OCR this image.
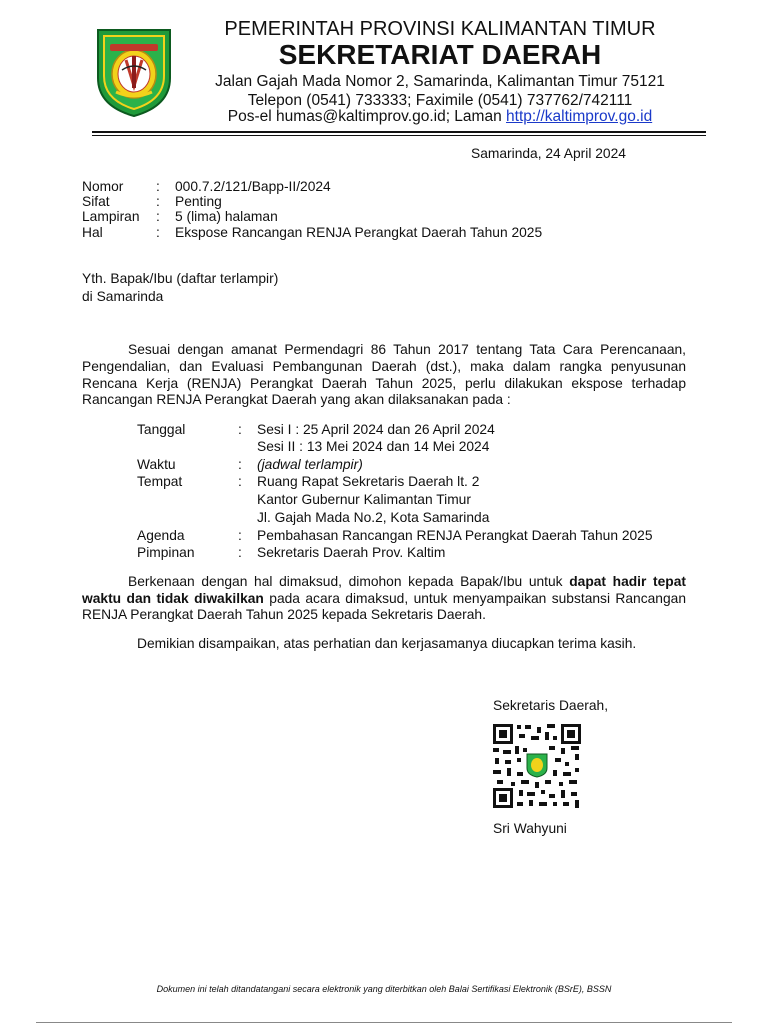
PEMERINTAH PROVINSI KALIMANTAN TIMUR
SEKRETARIAT DAERAH
Jalan Gajah Mada Nomor 2, Samarinda, Kalimantan Timur 75121
Telepon (0541) 733333; Faximile (0541) 737762/742111
Pos-el humas@kaltimprov.go.id; Laman http://kaltimprov.go.id
Samarinda, 24 April 2024
Nomor : 000.7.2/121/Bapp-II/2024
Sifat	: Penting
Lampiran : 5 (lima) halaman
Hal	: Ekspose Rancangan RENJA Perangkat Daerah Tahun 2025
Yth. Bapak/Ibu (daftar terlampir)
di Samarinda
Sesuai dengan amanat Permendagri 86 Tahun 2017 tentang Tata Cara Perencanaan,
Pengendalian, dan Evaluasi Pembangunan Daerah (dst.), maka dalam rangka penyusunan
Rencana Kerja (RENJA) Perangkat Daerah Tahun 2025, perlu dilakukan ekspose terhadap
Rancangan RENJA Perangkat Daerah yang akan dilaksanakan pada :
Tanggal	: Sesi I : 25 April 2024 dan 26 April 2024
Sesi II : 13 Mei 2024 dan 14 Mei 2024
Waktu	: (jadwal terlampir)
Tempat	: Ruang Rapat Sekretaris Daerah lt. 2
Kantor Gubernur Kalimantan Timur
Jl. Gajah Mada No.2, Kota Samarinda
Agenda	: Pembahasan Rancangan RENJA Perangkat Daerah Tahun 2025
Pimpinan	: Sekretaris Daerah Prov. Kaltim
Berkenaan dengan hal dimaksud, dimohon kepada Bapak/Ibu untuk dapat hadir tepat
waktu dan tidak diwakilkan pada acara dimaksud, untuk menyampaikan substansi Rancangan
RENJA Perangkat Daerah Tahun 2025 kepada Sekretaris Daerah.
Demikian disampaikan, atas perhatian dan kerjasamanya diucapkan terima kasih.
Sekretaris Daerah,
Sri Wahyuni
Dokumen ini telah ditandatangani secara elektronik yang diterbitkan oleh Balai Sertifikasi Elektronik (BSrE), BSSN
